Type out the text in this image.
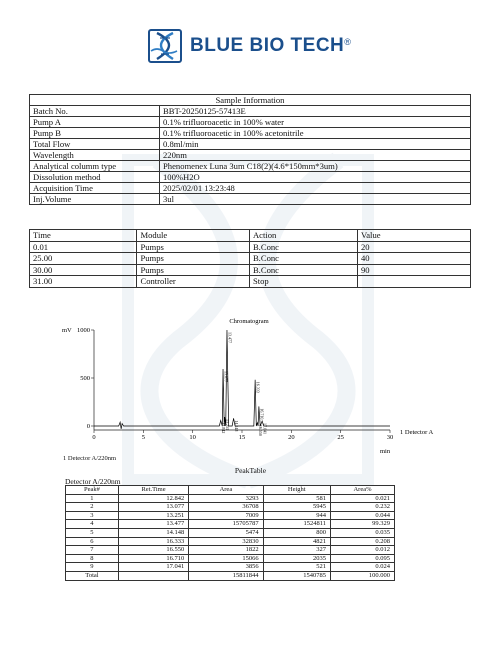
BLUE BIO TECH®
Sample Information	
Batch No.	BBT-20250125-57413E
Pump A	0.1% trifluoroacetic in 100% water
Pump B	0.1% trifluoroacetic in 100% acetonitrile
Total Flow	0.8ml/min
Wavelength	220nm
Analytical columm type	Phenomenex Luna 3um C18(2)(4.6*150mm*3um)
Dissolution method	100%H2O
Acquisition Time	2025/02/01 13:23:48
Inj.Volume	3ul
Time	Module	Action	Value
0.01	Pumps	B.Conc	20
25.00	Pumps	B.Conc	40
30.00	Pumps	B.Conc	90
31.00	Controller	Stop	
Chromatogram
mV
min
1 Detector A
0	5	10	15	20	25	30
0
500
1000
12.842
13.077
13.251
13.477
14.148
16.333
16.550
16.710
17.041
1 Detector A/220nm
PeakTable
Detector A/220nm
Peak#	Ret.Time	Area	Height	Area%
1	12.842	3293	581	0.021
2	13.077	36708	5945	0.232
3	13.251	7009	944	0.044
4	13.477	15705787	1524811	99.329
5	14.148	5474	800	0.035
6	16.333	32830	4821	0.208
7	16.550	1822	327	0.012
8	16.710	15066	2035	0.095
9	17.041	3856	521	0.024
Total		15811844	1540785	100.000
